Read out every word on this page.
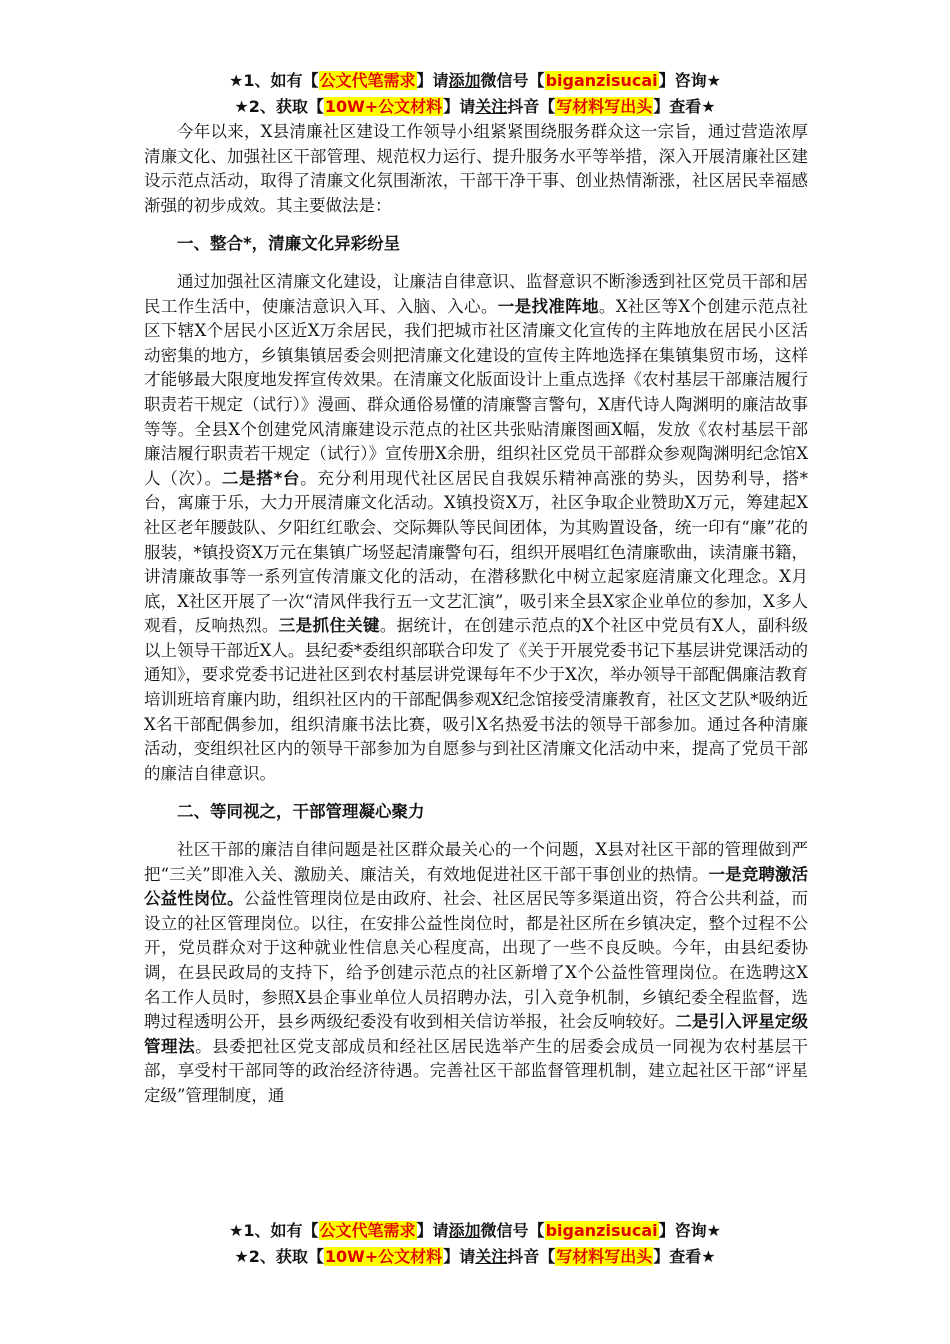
★1、如有【公文代笔需求】请添加微信号【biganzisucai】咨询★
★2、获取【10W+公文材料】请关注抖音【写材料写出头】查看★

今年以来，X县清廉社区建设工作领导小组紧紧围绕服务群众这一宗旨，通过营造浓厚清廉文化、加强社区干部管理、规范权力运行、提升服务水平等举措，深入开展清廉社区建设示范点活动，取得了清廉文化氛围渐浓，干部干净干事、创业热情渐涨，社区居民幸福感渐强的初步成效。其主要做法是：

一、整合*，清廉文化异彩纷呈

通过加强社区清廉文化建设，让廉洁自律意识、监督意识不断渗透到社区党员干部和居民工作生活中，使廉洁意识入耳、入脑、入心。一是找准阵地。X社区等X个创建示范点社区下辖X个居民小区近X万余居民，我们把城市社区清廉文化宣传的主阵地放在居民小区活动密集的地方，乡镇集镇居委会则把清廉文化建设的宣传主阵地选择在集镇集贸市场，这样才能够最大限度地发挥宣传效果。在清廉文化版面设计上重点选择《农村基层干部廉洁履行职责若干规定（试行）》漫画、群众通俗易懂的清廉警言警句，X唐代诗人陶渊明的廉洁故事等等。全县X个创建党风清廉建设示范点的社区共张贴清廉图画X幅，发放《农村基层干部廉洁履行职责若干规定（试行）》宣传册X余册，组织社区党员干部群众参观陶渊明纪念馆X人（次）。二是搭*台。充分利用现代社区居民自我娱乐精神高涨的势头，因势利导，搭*台，寓廉于乐，大力开展清廉文化活动。X镇投资X万，社区争取企业赞助X万元，筹建起X社区老年腰鼓队、夕阳红红歌会、交际舞队等民间团体，为其购置设备，统一印有“廉”花的服装，*镇投资X万元在集镇广场竖起清廉警句石，组织开展唱红色清廉歌曲，读清廉书籍，讲清廉故事等一系列宣传清廉文化的活动，在潜移默化中树立起家庭清廉文化理念。X月底，X社区开展了一次“清风伴我行五一文艺汇演”，吸引来全县X家企业单位的参加，X多人观看，反响热烈。三是抓住关键。据统计，在创建示范点的X个社区中党员有X人，副科级以上领导干部近X人。县纪委*委组织部联合印发了《关于开展党委书记下基层讲党课活动的通知》，要求党委书记进社区到农村基层讲党课每年不少于X次，举办领导干部配偶廉洁教育培训班培育廉内助，组织社区内的干部配偶参观X纪念馆接受清廉教育，社区文艺队*吸纳近X名干部配偶参加，组织清廉书法比赛，吸引X名热爱书法的领导干部参加。通过各种清廉活动，变组织社区内的领导干部参加为自愿参与到社区清廉文化活动中来，提高了党员干部的廉洁自律意识。

二、等同视之，干部管理凝心聚力

社区干部的廉洁自律问题是社区群众最关心的一个问题，X县对社区干部的管理做到严把“三关”即准入关、激励关、廉洁关，有效地促进社区干部干事创业的热情。一是竞聘激活公益性岗位。公益性管理岗位是由政府、社会、社区居民等多渠道出资，符合公共利益，而设立的社区管理岗位。以往，在安排公益性岗位时，都是社区所在乡镇决定，整个过程不公开，党员群众对于这种就业性信息关心程度高，出现了一些不良反映。今年，由县纪委协调，在县民政局的支持下，给予创建示范点的社区新增了X个公益性管理岗位。在选聘这X名工作人员时，参照X县企事业单位人员招聘办法，引入竞争机制，乡镇纪委全程监督，选聘过程透明公开，县乡两级纪委没有收到相关信访举报，社会反响较好。二是引入评星定级管理法。县委把社区党支部成员和经社区居民选举产生的居委会成员一同视为农村基层干部，享受村干部同等的政治经济待遇。完善社区干部监督管理机制，建立起社区干部“评星定级”管理制度，通

★1、如有【公文代笔需求】请添加微信号【biganzisucai】咨询★
★2、获取【10W+公文材料】请关注抖音【写材料写出头】查看★
